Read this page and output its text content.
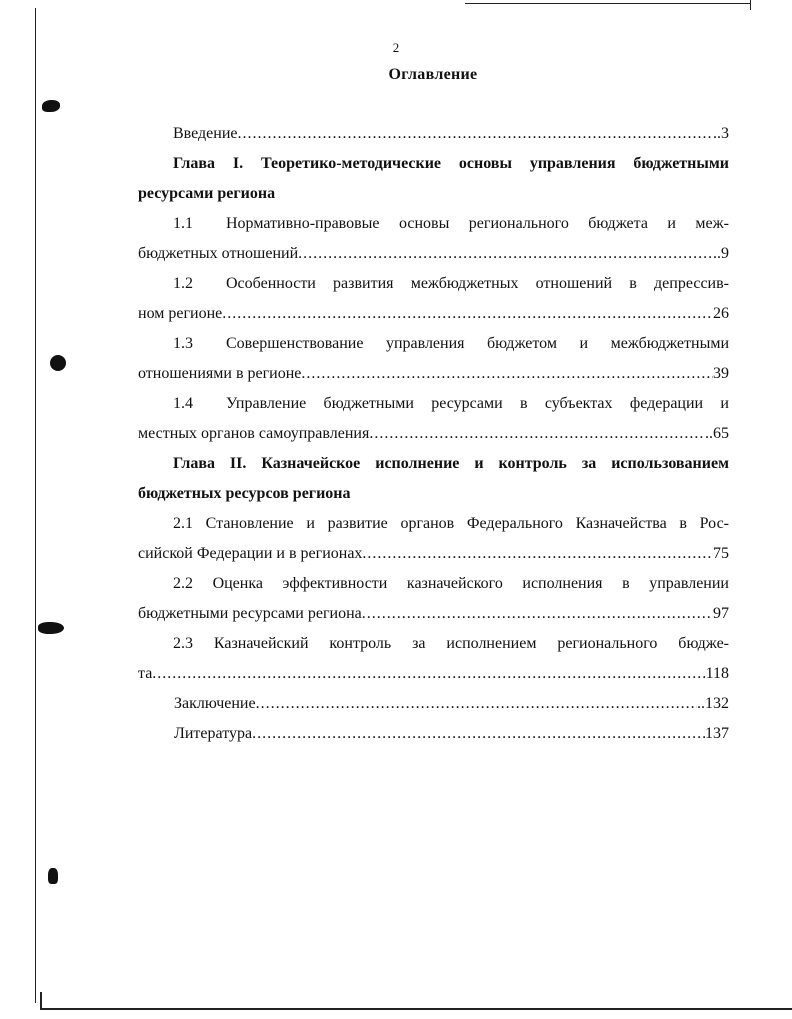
2
Оглавление
Введение .....	..3
Глава I. Теоретико-методические основы управления бюджетными
ресурсами региона
1.1 Нормативно-правовые основы регионального бюджета и меж-
бюджетных отношений .....	..9
1.2 Особенности развития межбюджетных отношений в депрессив-
ном регионе .....	26
1.3 Совершенствование управления бюджетом и межбюджетными
отношениями в регионе .....	39
1.4 Управление бюджетными ресурсами в субъектах федерации и
местных органов самоуправления .....	..65
Глава II. Казначейское исполнение и контроль за использованием
бюджетных ресурсов региона
2.1 Становление и развитие органов Федерального Казначейства в Рос-
сийской Федерации и в регионах .....	75
2.2 Оценка эффективности казначейского исполнения в управлении
бюджетными ресурсами региона .....	97
2.3 Казначейский контроль за исполнением регионального бюдже-
та .....	118
Заключение .....	..132
Литература .....	137
